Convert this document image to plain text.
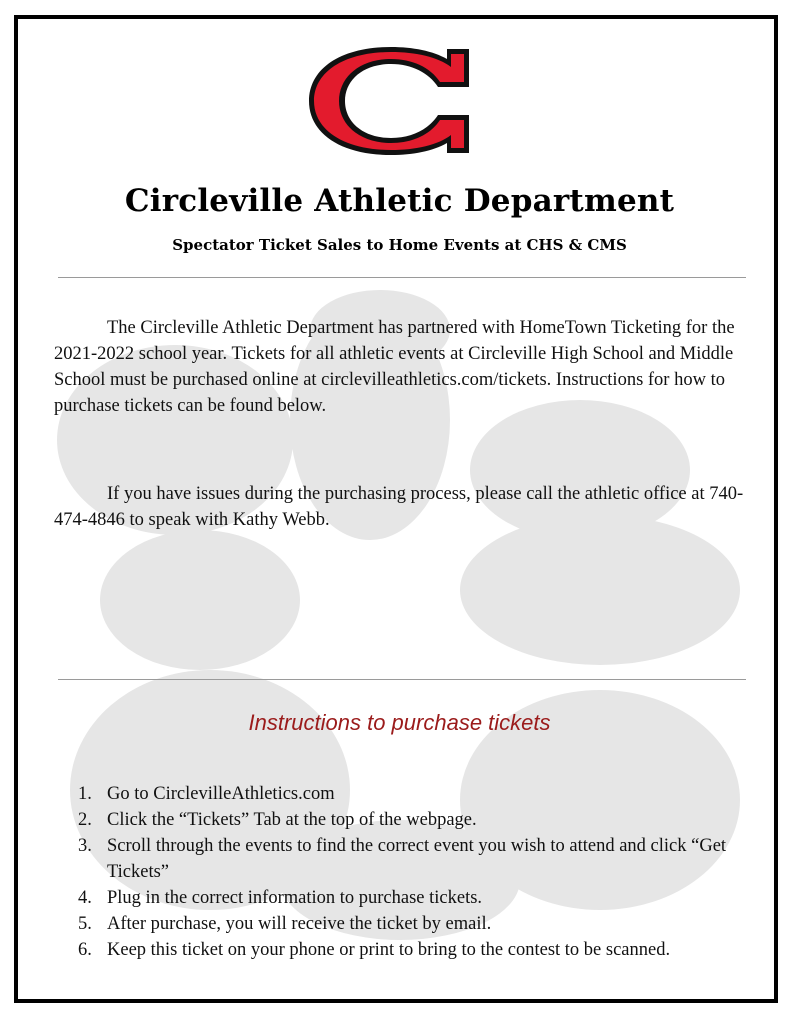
Circleville Athletic Department
Spectator Ticket Sales to Home Events at CHS & CMS

The Circleville Athletic Department has partnered with HomeTown Ticketing for the 2021-2022 school year. Tickets for all athletic events at Circleville High School and Middle School must be purchased online at circlevilleathletics.com/tickets. Instructions for how to purchase tickets can be found below.

If you have issues during the purchasing process, please call the athletic office at 740-474-4846 to speak with Kathy Webb.

Instructions to purchase tickets
1. Go to CirclevilleAthletics.com
2. Click the “Tickets” Tab at the top of the webpage.
3. Scroll through the events to find the correct event you wish to attend and click “Get Tickets”
4. Plug in the correct information to purchase tickets.
5. After purchase, you will receive the ticket by email.
6. Keep this ticket on your phone or print to bring to the contest to be scanned.
